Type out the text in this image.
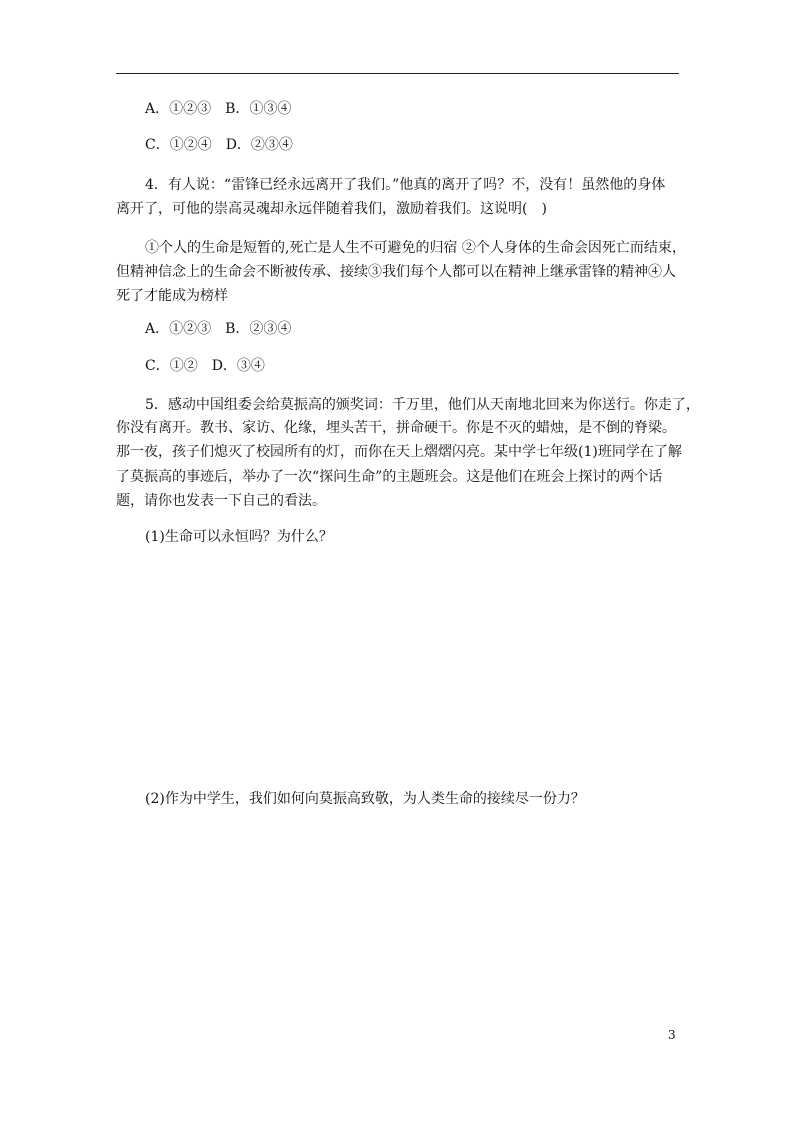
A．①②③　B．①③④
C．①②④　D．②③④
4．有人说：“雷锋已经永远离开了我们。”他真的离开了吗？不，没有！虽然他的身体
离开了，可他的崇高灵魂却永远伴随着我们，激励着我们。这说明(　)
①个人的生命是短暂的,死亡是人生不可避免的归宿 ②个人身体的生命会因死亡而结束，
但精神信念上的生命会不断被传承、接续③我们每个人都可以在精神上继承雷锋的精神④人
死了才能成为榜样
A．①②③　B．②③④
C．①②　D．③④
5．感动中国组委会给莫振高的颁奖词：千万里，他们从天南地北回来为你送行。你走了，
你没有离开。教书、家访、化缘，埋头苦干，拼命硬干。你是不灭的蜡烛，是不倒的脊梁。
那一夜，孩子们熄灭了校园所有的灯，而你在天上熠熠闪亮。某中学七年级(1)班同学在了解
了莫振高的事迹后，举办了一次“探问生命”的主题班会。这是他们在班会上探讨的两个话
题，请你也发表一下自己的看法。
(1)生命可以永恒吗？为什么？
(2)作为中学生，我们如何向莫振高致敬，为人类生命的接续尽一份力？
3
